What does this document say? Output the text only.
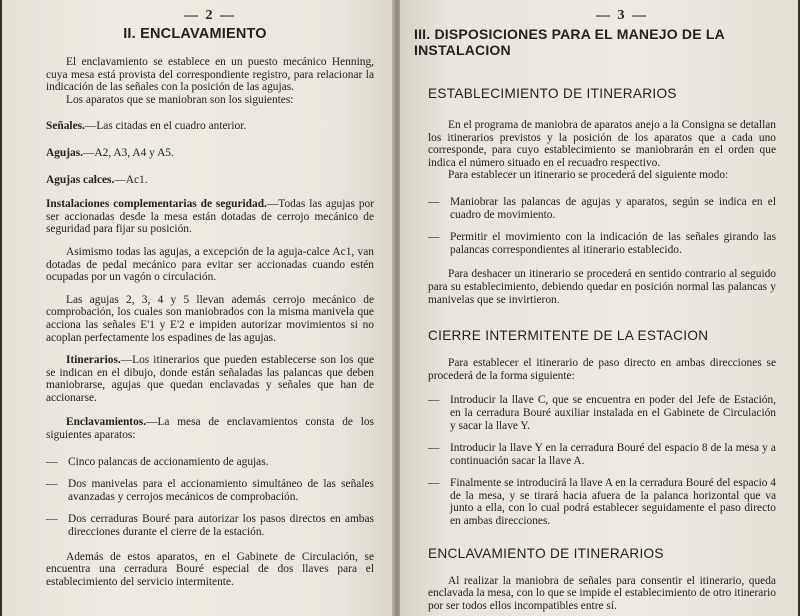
— 2 —
II. ENCLAVAMIENTO

El enclavamiento se establece en un puesto mecánico Henning, cuya mesa está provista del correspondiente registro, para relacionar la indicación de las señales con la posición de las agujas.

Los aparatos que se maniobran son los siguientes:

Señales.—Las citadas en el cuadro anterior.

Agujas.—A2, A3, A4 y A5.

Agujas calces.—Ac1.

Instalaciones complementarias de seguridad.—Todas las agujas por ser accionadas desde la mesa están dotadas de cerrojo mecánico de seguridad para fijar su posición.

Asimismo todas las agujas, a excepción de la aguja-calce Ac1, van dotadas de pedal mecánico para evitar ser accionadas cuando estén ocupadas por un vagón o circulación.

Las agujas 2, 3, 4 y 5 llevan además cerrojo mecánico de comprobación, los cuales son maniobrados con la misma manivela que acciona las señales E'1 y E'2 e impiden autorizar movimientos si no acoplan perfectamente los espadines de las agujas.

Itinerarios.—Los itinerarios que pueden establecerse son los que se indican en el dibujo, donde están señaladas las palancas que deben maniobrarse, agujas que quedan enclavadas y señales que han de accionarse.

Enclavamientos.—La mesa de enclavamientos consta de los siguientes aparatos:

— Cinco palancas de accionamiento de agujas.

— Dos manivelas para el accionamiento simultáneo de las señales avanzadas y cerrojos mecánicos de comprobación.

— Dos cerraduras Bouré para autorizar los pasos directos en ambas direcciones durante el cierre de la estación.

Además de estos aparatos, en el Gabinete de Circulación, se encuentra una cerradura Bouré especial de dos llaves para el establecimiento del servicio intermitente.

— 3 —
III. DISPOSICIONES PARA EL MANEJO DE LA INSTALACION
ESTABLECIMIENTO DE ITINERARIOS

En el programa de maniobra de aparatos anejo a la Consigna se detallan los itinerarios previstos y la posición de los aparatos que a cada uno corresponde, para cuyo establecimiento se maniobrarán en el orden que indica el número situado en el recuadro respectivo.

Para establecer un itinerario se procederá del siguiente modo:

— Maniobrar las palancas de agujas y aparatos, según se indica en el cuadro de movimiento.

— Permitir el movimiento con la indicación de las señales girando las palancas correspondientes al itinerario establecido.

Para deshacer un itinerario se procederá en sentido contrario al seguido para su establecimiento, debiendo quedar en posición normal las palancas y manivelas que se invirtieron.

CIERRE INTERMITENTE DE LA ESTACION

Para establecer el itinerario de paso directo en ambas direcciones se procederá de la forma siguiente:

— Introducir la llave C, que se encuentra en poder del Jefe de Estación, en la cerradura Bouré auxiliar instalada en el Gabinete de Circulación y sacar la llave Y.

— Introducir la llave Y en la cerradura Bouré del espacio 8 de la mesa y a continuación sacar la llave A.

— Finalmente se introducirá la llave A en la cerradura Bouré del espacio 4 de la mesa, y se tirará hacia afuera de la palanca horizontal que va junto a ella, con lo cual podrá establecer seguidamente el paso directo en ambas direcciones.

ENCLAVAMIENTO DE ITINERARIOS

Al realizar la maniobra de señales para consentir el itinerario, queda enclavada la mesa, con lo que se impide el establecimiento de otro itinerario por ser todos ellos incompatibles entre sí.
